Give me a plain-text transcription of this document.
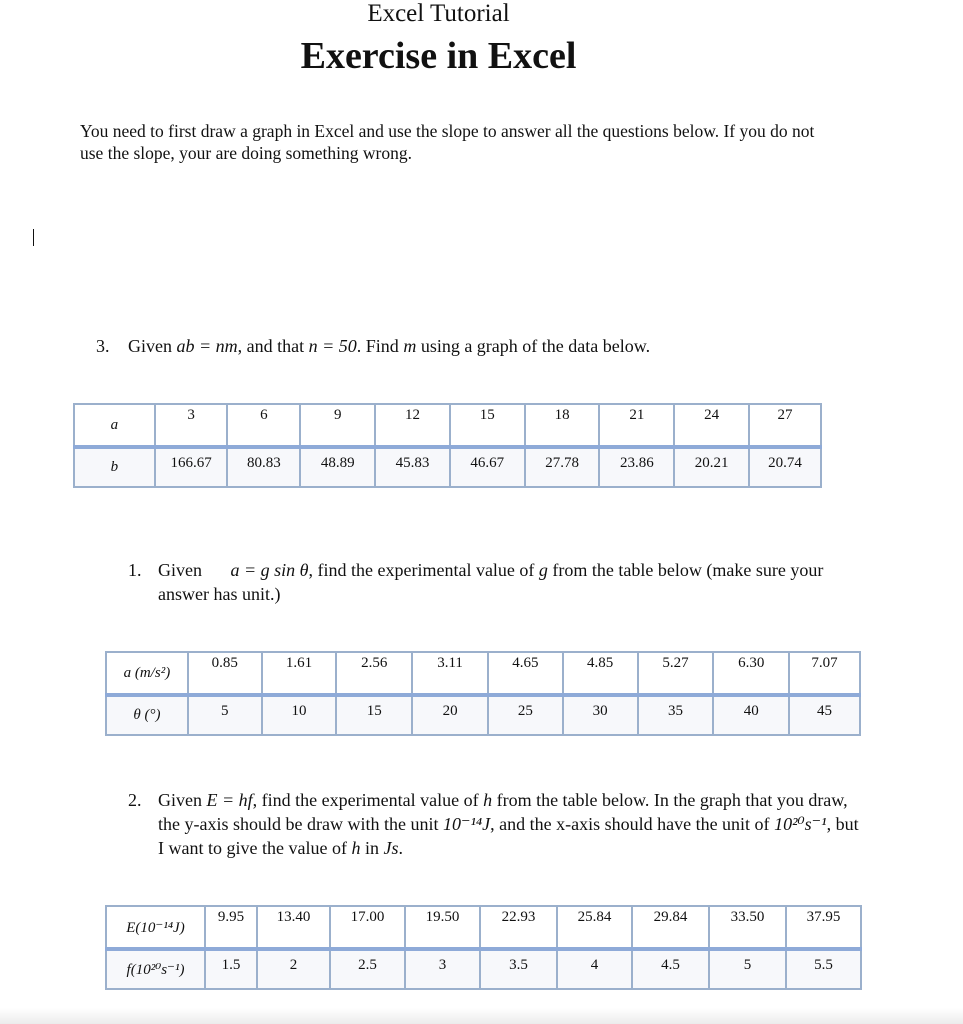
Excel Tutorial
Exercise in Excel
You need to first draw a graph in Excel and use the slope to answer all the questions below. If you do not use the slope, your are doing something wrong.
3. Given ab = nm, and that n = 50. Find m using a graph of the data below.
a	3	6	9	12	15	18	21	24	27

b	166.67	80.83	48.89	45.83	46.67	27.78	23.86	20.21	20.74
1. Given a = g sin θ, find the experimental value of g from the table below (make sure your answer has unit.)
a (m/s²)	0.85	1.61	2.56	3.11	4.65	4.85	5.27	6.30	7.07

θ (°)	5	10	15	20	25	30	35	40	45
2. Given E = hf, find the experimental value of h from the table below. In the graph that you draw, the y-axis should be draw with the unit 10⁻¹⁴J, and the x-axis should have the unit of 10²⁰s⁻¹, but I want to give the value of h in Js.
E(10⁻¹⁴J)	9.95	13.40	17.00	19.50	22.93	25.84	29.84	33.50	37.95

f(10²⁰s⁻¹)	1.5	2	2.5	3	3.5	4	4.5	5	5.5
